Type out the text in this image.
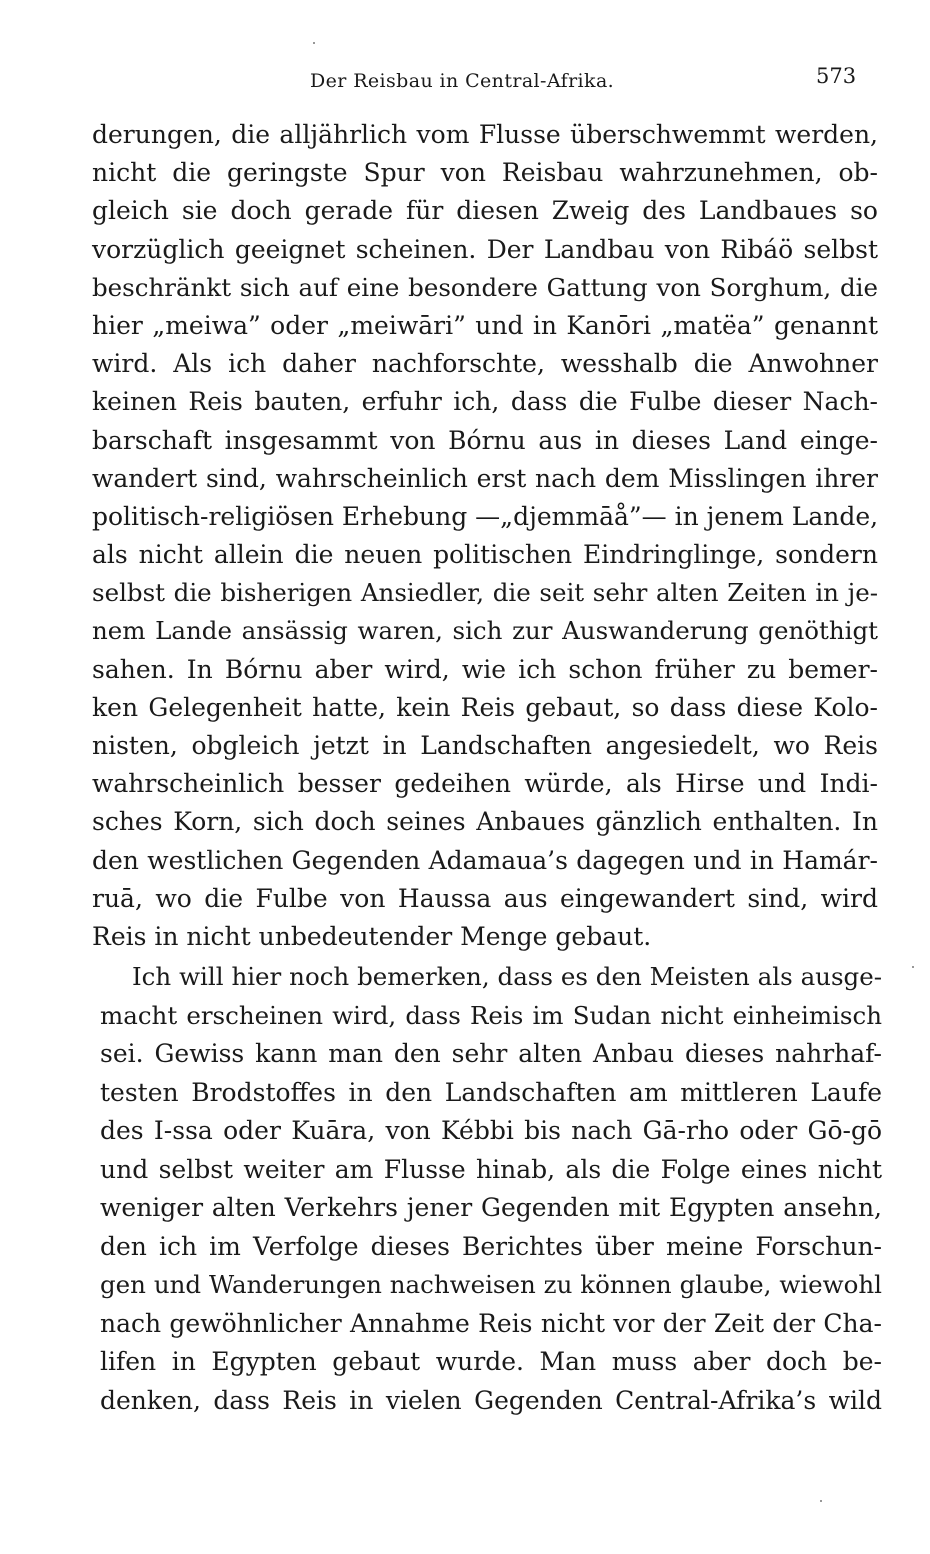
Der Reisbau in Central-Afrika.	573
derungen, die alljährlich vom Flusse überschwemmt werden,
nicht die geringste Spur von Reisbau wahrzunehmen, ob-
gleich sie doch gerade für diesen Zweig des Landbaues so
vorzüglich geeignet scheinen. Der Landbau von Ribáö selbst
beschränkt sich auf eine besondere Gattung von Sorghum, die
hier „meiwa” oder „meiwāri” und in Kanōri „matëa” genannt
wird. Als ich daher nachforschte, wesshalb die Anwohner
keinen Reis bauten, erfuhr ich, dass die Fulbe dieser Nach-
barschaft insgesammt von Bórnu aus in dieses Land einge-
wandert sind, wahrscheinlich erst nach dem Misslingen ihrer
politisch-religiösen Erhebung —„djemmāå”— in jenem Lande,
als nicht allein die neuen politischen Eindringlinge, sondern
selbst die bisherigen Ansiedler, die seit sehr alten Zeiten in je-
nem Lande ansässig waren, sich zur Auswanderung genöthigt
sahen. In Bórnu aber wird, wie ich schon früher zu bemer-
ken Gelegenheit hatte, kein Reis gebaut, so dass diese Kolo-
nisten, obgleich jetzt in Landschaften angesiedelt, wo Reis
wahrscheinlich besser gedeihen würde, als Hirse und Indi-
sches Korn, sich doch seines Anbaues gänzlich enthalten. In
den westlichen Gegenden Adamaua’s dagegen und in Hamár-
ruā, wo die Fulbe von Haussa aus eingewandert sind, wird
Reis in nicht unbedeutender Menge gebaut.
Ich will hier noch bemerken, dass es den Meisten als ausge-
macht erscheinen wird, dass Reis im Sudan nicht einheimisch
sei. Gewiss kann man den sehr alten Anbau dieses nahrhaf-
testen Brodstoffes in den Landschaften am mittleren Laufe
des I-ssa oder Kuāra, von Kébbi bis nach Gā-rho oder Gō-gō
und selbst weiter am Flusse hinab, als die Folge eines nicht
weniger alten Verkehrs jener Gegenden mit Egypten ansehn,
den ich im Verfolge dieses Berichtes über meine Forschun-
gen und Wanderungen nachweisen zu können glaube, wiewohl
nach gewöhnlicher Annahme Reis nicht vor der Zeit der Cha-
lifen in Egypten gebaut wurde. Man muss aber doch be-
denken, dass Reis in vielen Gegenden Central-Afrika’s wild
